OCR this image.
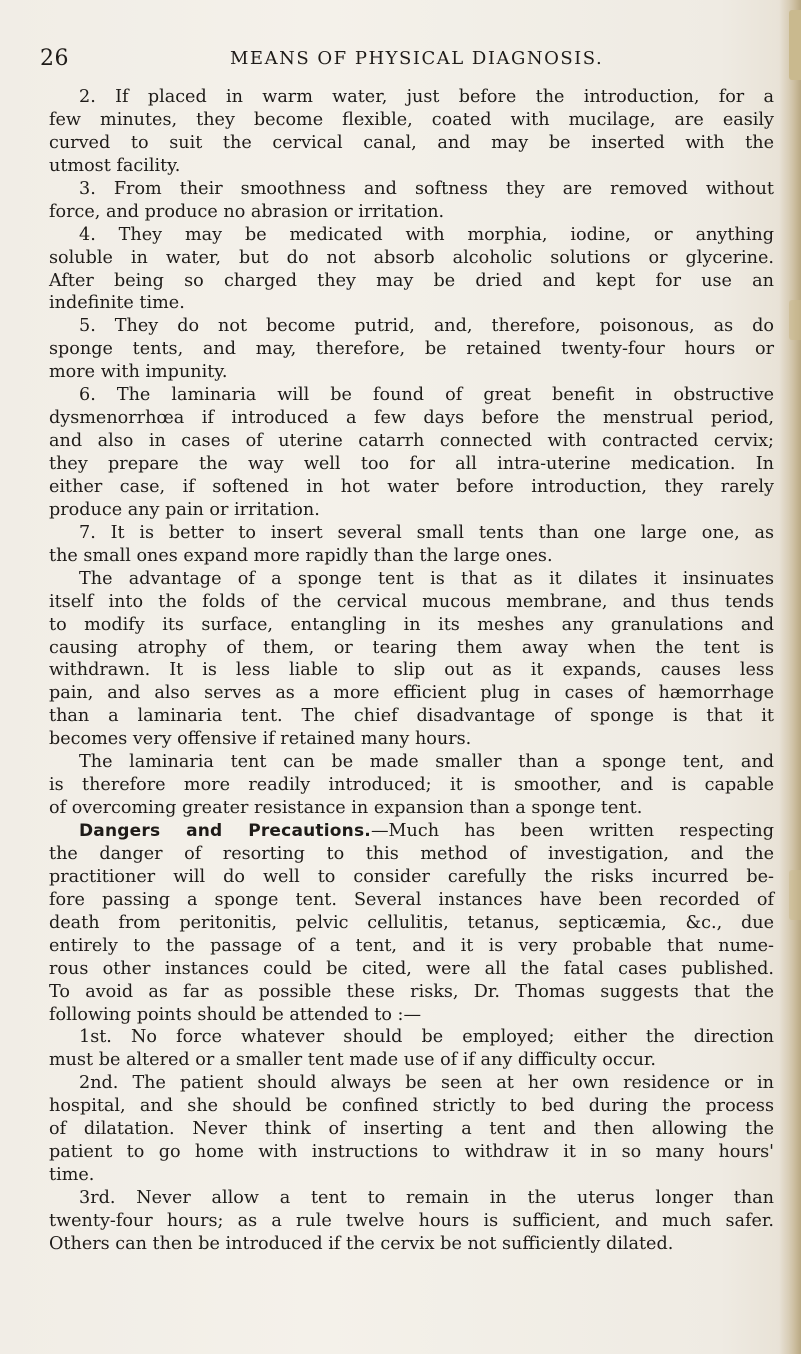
26	MEANS OF PHYSICAL DIAGNOSIS.
2. If placed in warm water, just before the introduction, for a
few minutes, they become flexible, coated with mucilage, are easily
curved to suit the cervical canal, and may be inserted with the
utmost facility.
3. From their smoothness and softness they are removed without
force, and produce no abrasion or irritation.
4. They may be medicated with morphia, iodine, or anything
soluble in water, but do not absorb alcoholic solutions or glycerine.
After being so charged they may be dried and kept for use an
indefinite time.
5. They do not become putrid, and, therefore, poisonous, as do
sponge tents, and may, therefore, be retained twenty-four hours or
more with impunity.
6. The laminaria will be found of great benefit in obstructive
dysmenorrhœa if introduced a few days before the menstrual period,
and also in cases of uterine catarrh connected with contracted cervix;
they prepare the way well too for all intra-uterine medication. In
either case, if softened in hot water before introduction, they rarely
produce any pain or irritation.
7. It is better to insert several small tents than one large one, as
the small ones expand more rapidly than the large ones.
The advantage of a sponge tent is that as it dilates it insinuates
itself into the folds of the cervical mucous membrane, and thus tends
to modify its surface, entangling in its meshes any granulations and
causing atrophy of them, or tearing them away when the tent is
withdrawn. It is less liable to slip out as it expands, causes less
pain, and also serves as a more efficient plug in cases of hæmorrhage
than a laminaria tent. The chief disadvantage of sponge is that it
becomes very offensive if retained many hours.
The laminaria tent can be made smaller than a sponge tent, and
is therefore more readily introduced; it is smoother, and is capable
of overcoming greater resistance in expansion than a sponge tent.
Dangers and Precautions.—Much has been written respecting
the danger of resorting to this method of investigation, and the
practitioner will do well to consider carefully the risks incurred be-
fore passing a sponge tent. Several instances have been recorded of
death from peritonitis, pelvic cellulitis, tetanus, septicæmia, &c., due
entirely to the passage of a tent, and it is very probable that nume-
rous other instances could be cited, were all the fatal cases published.
To avoid as far as possible these risks, Dr. Thomas suggests that the
following points should be attended to :—
1st. No force whatever should be employed; either the direction
must be altered or a smaller tent made use of if any difficulty occur.
2nd. The patient should always be seen at her own residence or in
hospital, and she should be confined strictly to bed during the process
of dilatation. Never think of inserting a tent and then allowing the
patient to go home with instructions to withdraw it in so many hours'
time.
3rd. Never allow a tent to remain in the uterus longer than
twenty-four hours; as a rule twelve hours is sufficient, and much safer.
Others can then be introduced if the cervix be not sufficiently dilated.
